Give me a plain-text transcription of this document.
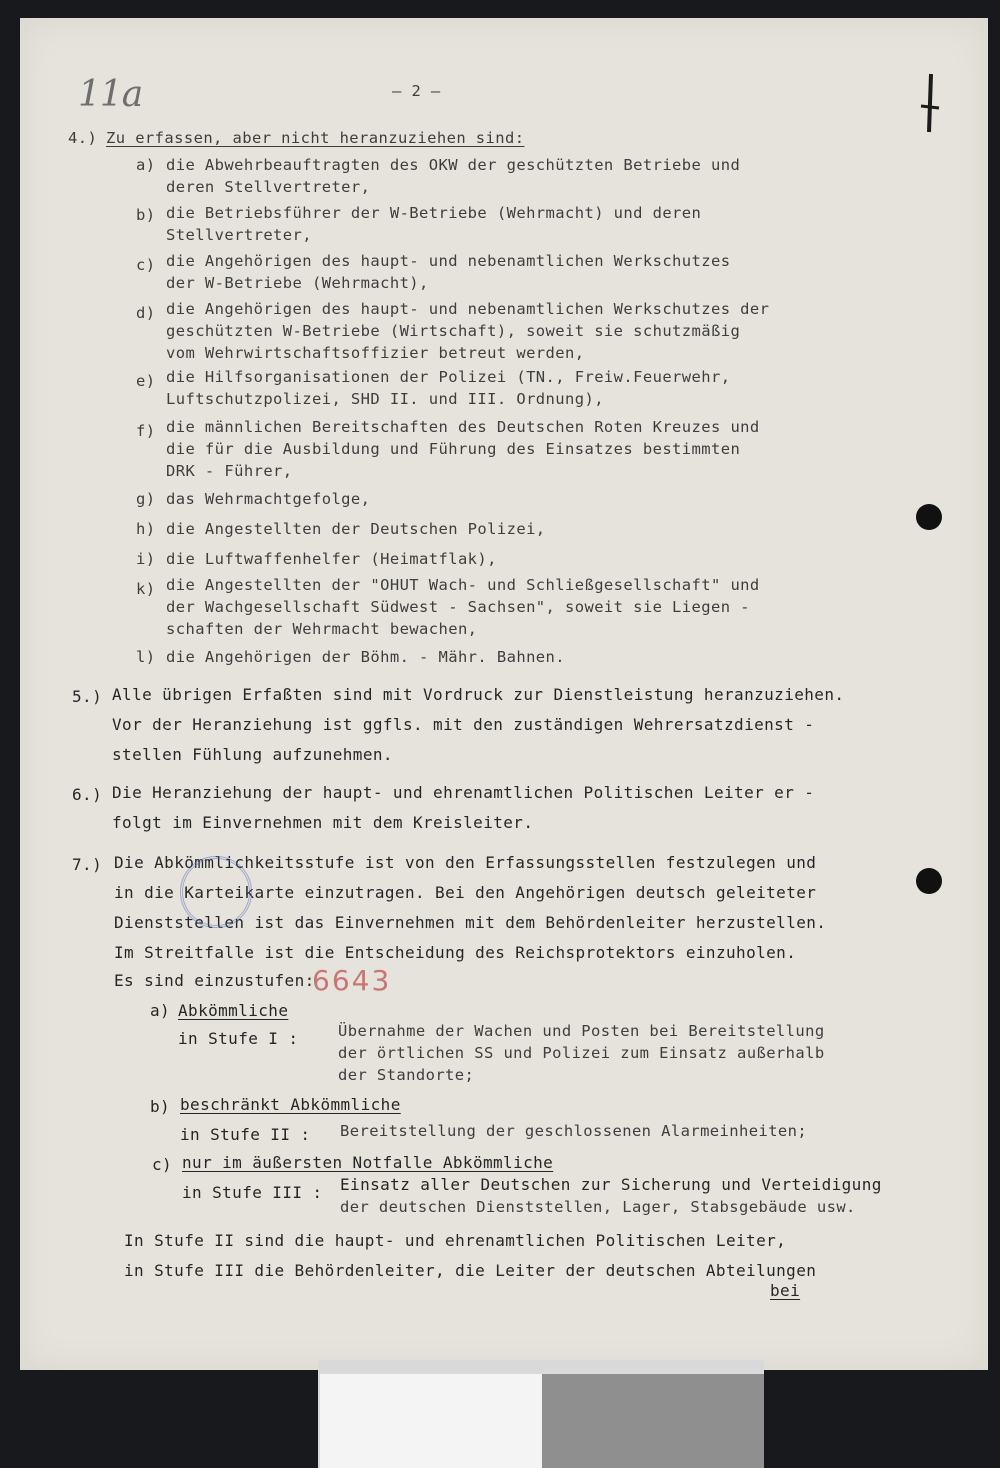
11a	– 2 –
4.) Zu erfassen, aber nicht heranzuziehen sind:
a) die Abwehrbeauftragten des OKW der geschützten Betriebe und
deren Stellvertreter,
b) die Betriebsführer der W-Betriebe (Wehrmacht) und deren
Stellvertreter,
c) die Angehörigen des haupt- und nebenamtlichen Werkschutzes
der W-Betriebe (Wehrmacht),
d) die Angehörigen des haupt- und nebenamtlichen Werkschutzes der
geschützten W-Betriebe (Wirtschaft), soweit sie schutzmäßig
vom Wehrwirtschaftsoffizier betreut werden,
e) die Hilfsorganisationen der Polizei (TN., Freiw.Feuerwehr,
Luftschutzpolizei, SHD II. und III. Ordnung),
f) die männlichen Bereitschaften des Deutschen Roten Kreuzes und
die für die Ausbildung und Führung des Einsatzes bestimmten
DRK - Führer,
g) das Wehrmachtgefolge,
h) die Angestellten der Deutschen Polizei,
i) die Luftwaffenhelfer (Heimatflak),
k) die Angestellten der "OHUT Wach- und Schließgesellschaft" und
der Wachgesellschaft Südwest - Sachsen", soweit sie Liegen -
schaften der Wehrmacht bewachen,
l) die Angehörigen der Böhm. - Mähr. Bahnen.
5.) Alle übrigen Erfaßten sind mit Vordruck zur Dienstleistung heranzuziehen.
Vor der Heranziehung ist ggfls. mit den zuständigen Wehrersatzdienst -
stellen Fühlung aufzunehmen.
6.) Die Heranziehung der haupt- und ehrenamtlichen Politischen Leiter er -
folgt im Einvernehmen mit dem Kreisleiter.
7.) Die Abkömmlichkeitsstufe ist von den Erfassungsstellen festzulegen und
in die Karteikarte einzutragen. Bei den Angehörigen deutsch geleiteter
Dienststellen ist das Einvernehmen mit dem Behördenleiter herzustellen.
Im Streitfalle ist die Entscheidung des Reichsprotektors einzuholen.
Es sind einzustufen:
a) Abkömmliche
in Stufe I :	Übernahme der Wachen und Posten bei Bereitstellung
der örtlichen SS und Polizei zum Einsatz außerhalb
der Standorte;
b) beschränkt Abkömmliche
in Stufe II : Bereitstellung der geschlossenen Alarmeinheiten;
c) nur im äußersten Notfalle Abkömmliche
in Stufe III : Einsatz aller Deutschen zur Sicherung und Verteidigung
der deutschen Dienststellen, Lager, Stabsgebäude usw.
In Stufe II sind die haupt- und ehrenamtlichen Politischen Leiter,
in Stufe III die Behördenleiter, die Leiter der deutschen Abteilungen
bei
6643
